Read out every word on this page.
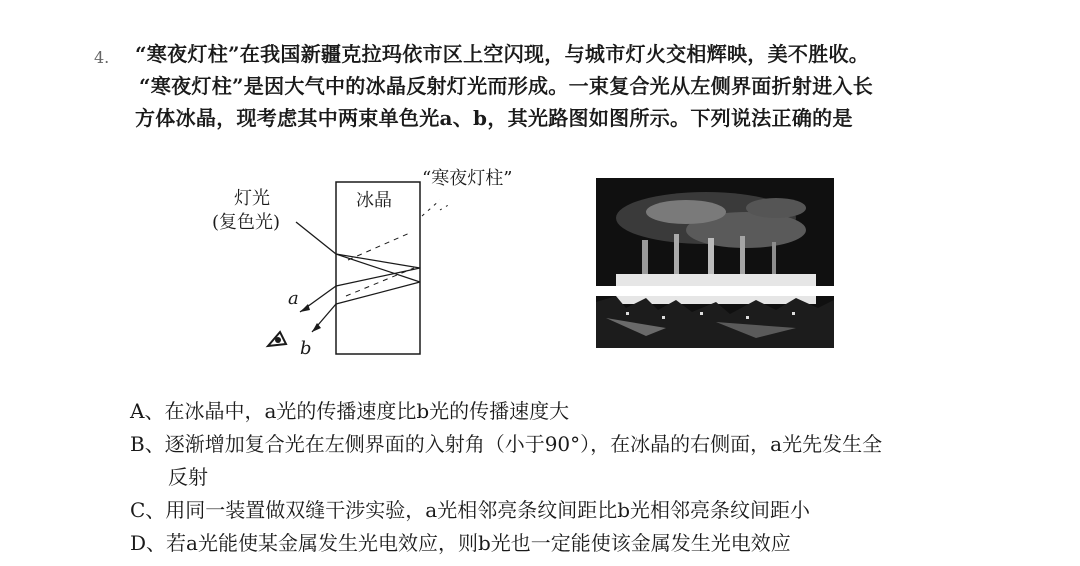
4. “寒夜灯柱”在我国新疆克拉玛依市区上空闪现，与城市灯火交相辉映，美不胜收。

“寒夜灯柱”是因大气中的冰晶反射灯光而形成。一束复合光从左侧界面折射进入长

方体冰晶，现考虑其中两束单色光a、b，其光路图如图所示。下列说法正确的是

灯光
(复色光)
冰晶
“寒夜灯柱”
a
b
A、在冰晶中，a光的传播速度比b光的传播速度大
B、逐渐增加复合光在左侧界面的入射角（小于90°），在冰晶的右侧面，a光先发生全
反射
C、用同一装置做双缝干涉实验，a光相邻亮条纹间距比b光相邻亮条纹间距小
D、若a光能使某金属发生光电效应，则b光也一定能使该金属发生光电效应
